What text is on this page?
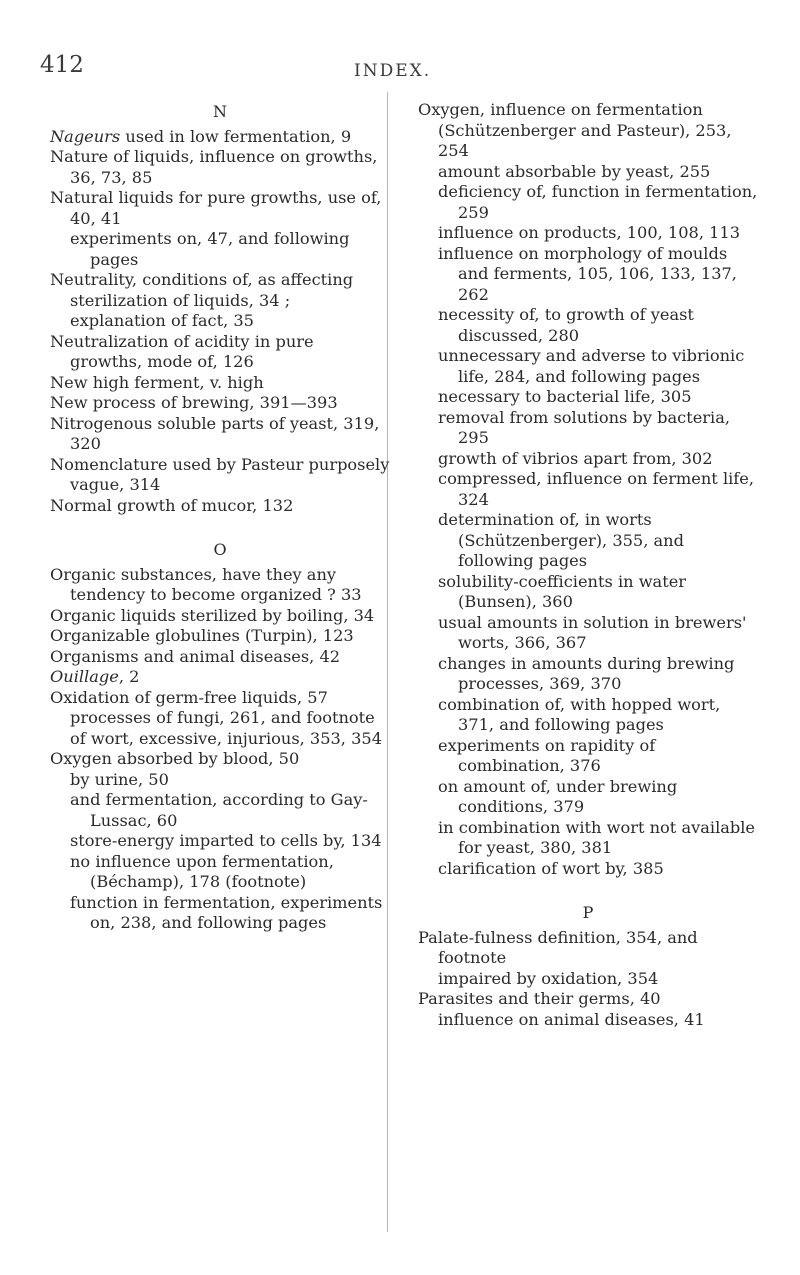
412	INDEX.
N
Nageurs used in low fermentation, 9
Nature of liquids, influence on growths, 36, 73, 85
Natural liquids for pure growths, use of, 40, 41
experiments on, 47, and following pages
Neutrality, conditions of, as affecting sterilization of liquids, 34 ;
explanation of fact, 35
Neutralization of acidity in pure growths, mode of, 126
New high ferment, v. high
New process of brewing, 391—393
Nitrogenous soluble parts of yeast, 319, 320
Nomenclature used by Pasteur purposely vague, 314
Normal growth of mucor, 132
O
Organic substances, have they any tendency to become organized ? 33
Organic liquids sterilized by boiling, 34
Organizable globulines (Turpin), 123
Organisms and animal diseases, 42
Ouillage, 2
Oxidation of germ-free liquids, 57
processes of fungi, 261, and footnote
of wort, excessive, injurious, 353, 354
Oxygen absorbed by blood, 50
by urine, 50
and fermentation, according to Gay-Lussac, 60
store-energy imparted to cells by, 134
no influence upon fermentation, (Béchamp), 178 (footnote)
function in fermentation, experiments on, 238, and following pages
Oxygen, influence on fermentation (Schützenberger and Pasteur), 253, 254
amount absorbable by yeast, 255
deficiency of, function in fermentation, 259
influence on products, 100, 108, 113
influence on morphology of moulds and ferments, 105, 106, 133, 137, 262
necessity of, to growth of yeast discussed, 280
unnecessary and adverse to vibrionic life, 284, and following pages
necessary to bacterial life, 305
removal from solutions by bacteria, 295
growth of vibrios apart from, 302
compressed, influence on ferment life, 324
determination of, in worts (Schützenberger), 355, and following pages
solubility-coefficients in water (Bunsen), 360
usual amounts in solution in brewers' worts, 366, 367
changes in amounts during brewing processes, 369, 370
combination of, with hopped wort, 371, and following pages
experiments on rapidity of combination, 376
on amount of, under brewing conditions, 379
in combination with wort not available for yeast, 380, 381
clarification of wort by, 385
P
Palate-fulness definition, 354, and footnote
impaired by oxidation, 354
Parasites and their germs, 40
influence on animal diseases, 41
